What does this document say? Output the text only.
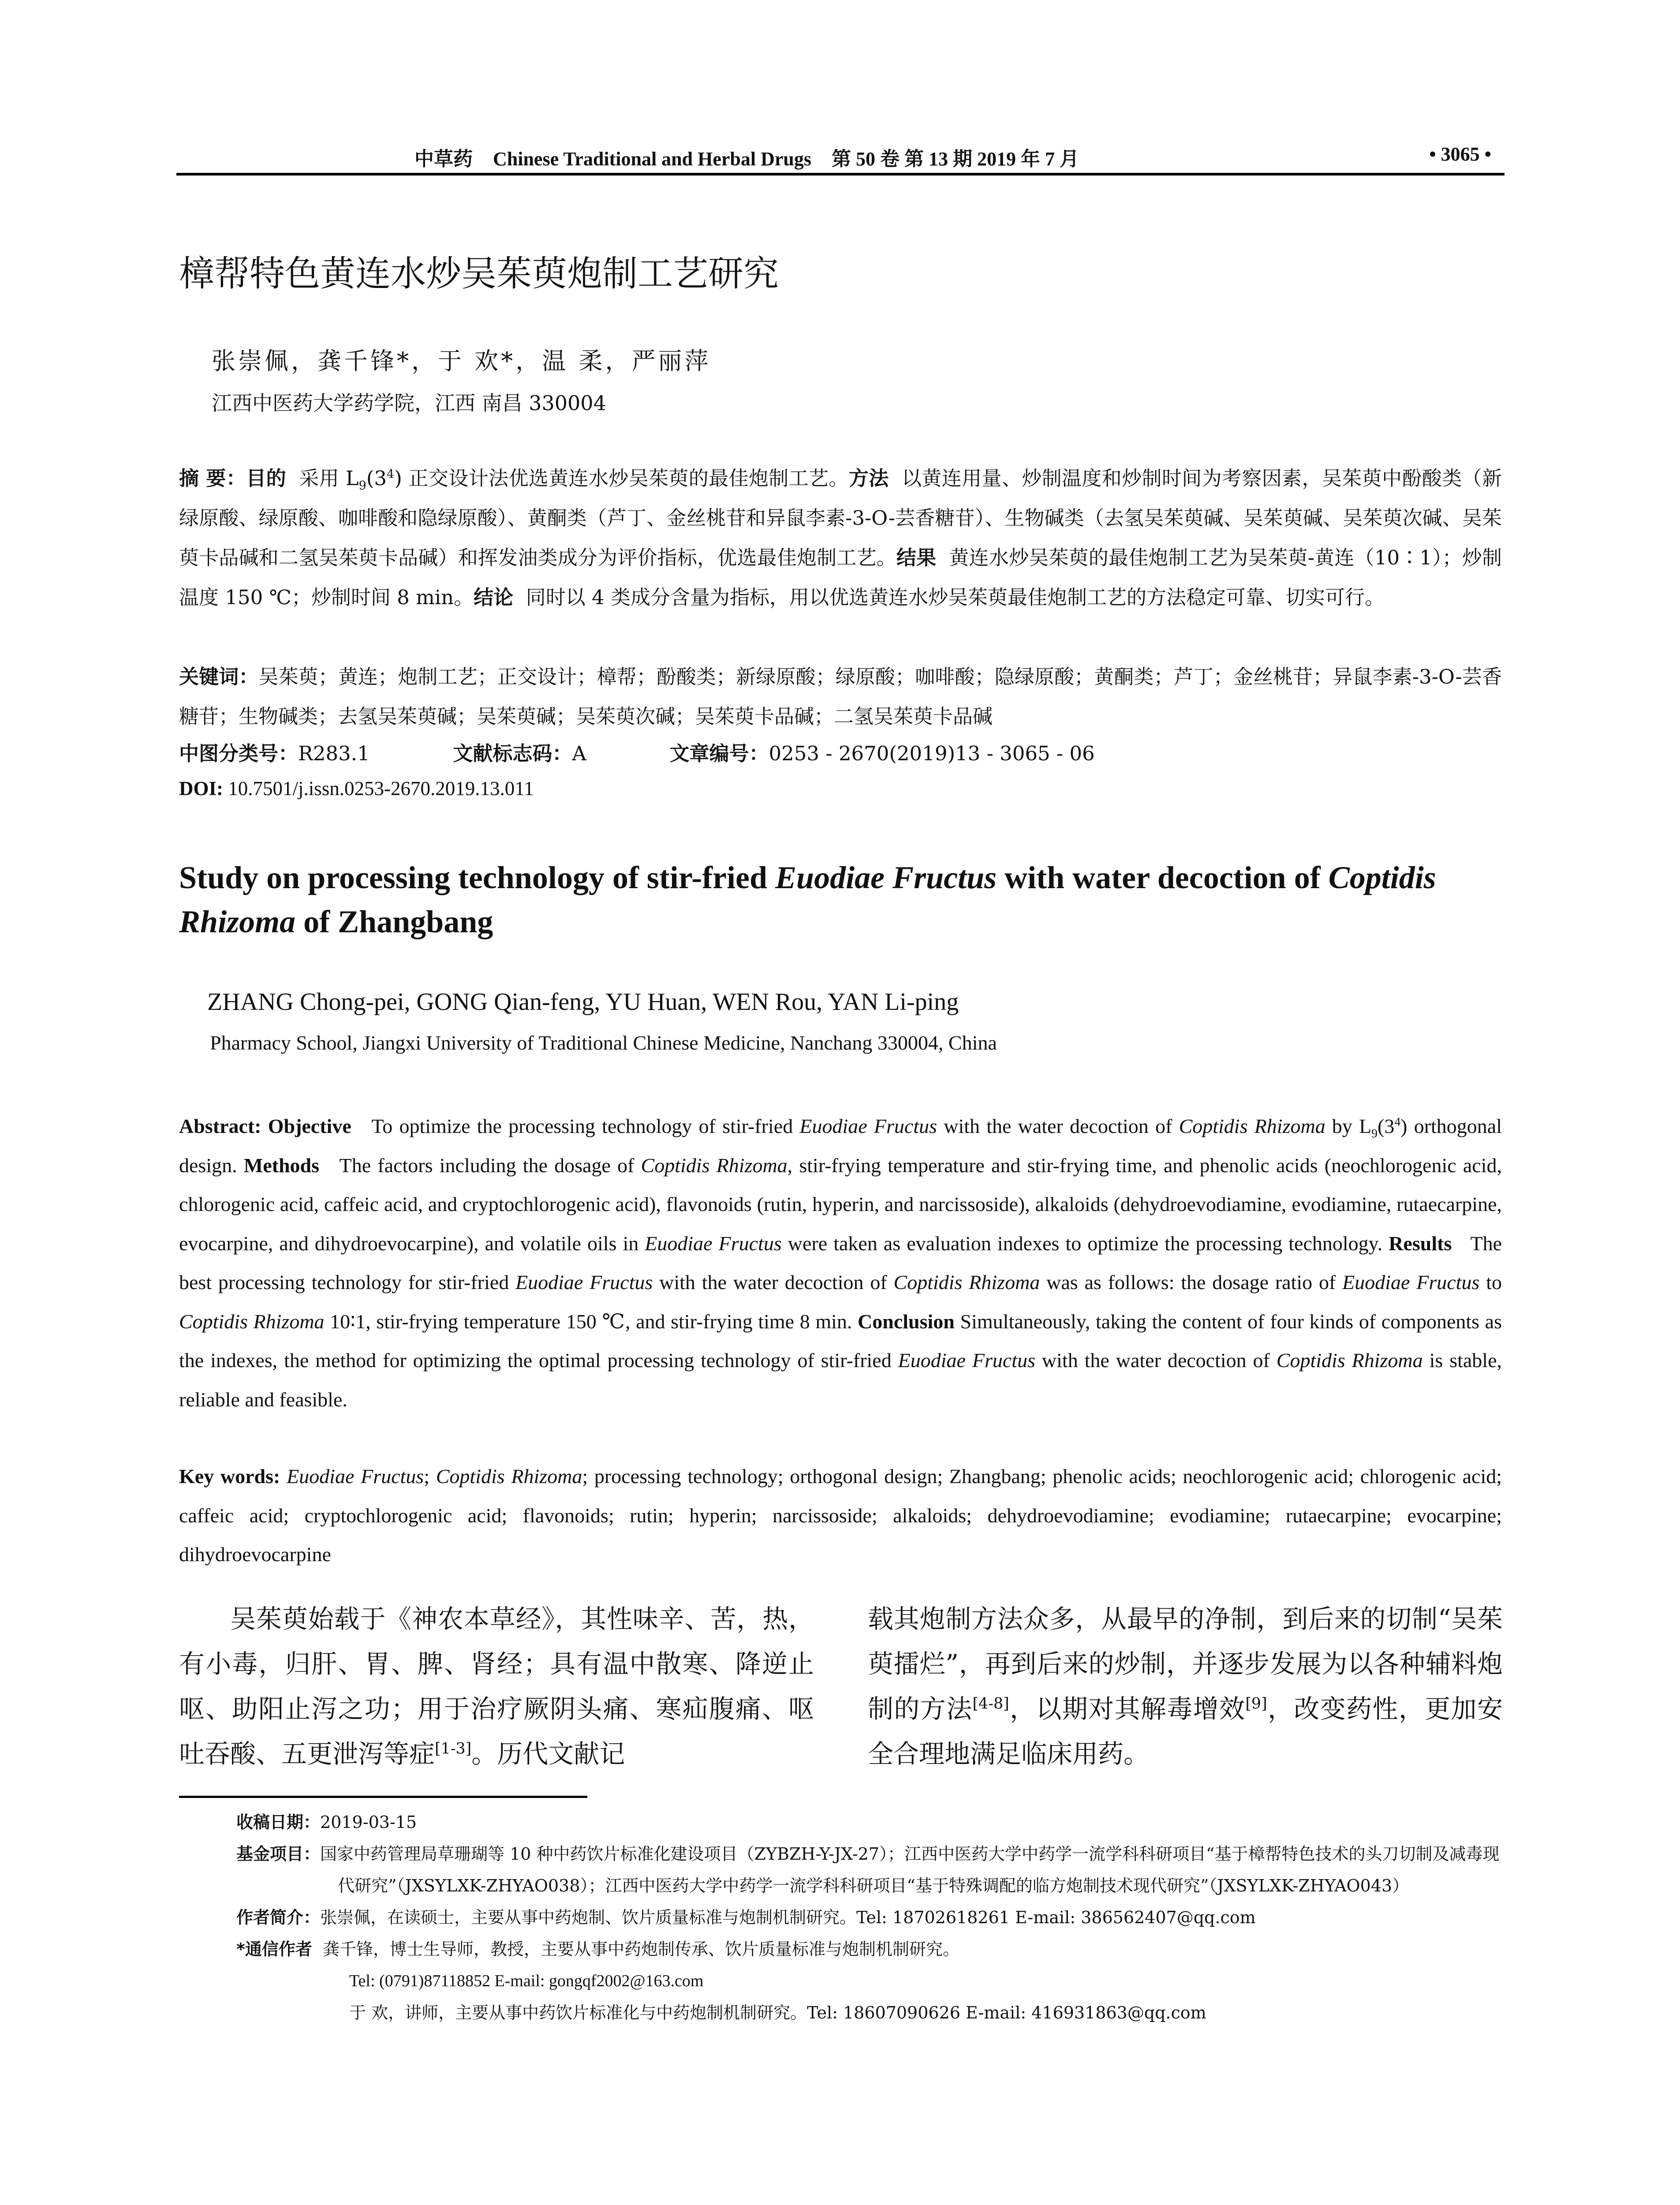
中草药 Chinese Traditional and Herbal Drugs 第 50 卷 第 13 期 2019 年 7 月	• 3065 •
樟帮特色黄连水炒吴茱萸炮制工艺研究
张崇佩，龚千锋*，于 欢*，温 柔，严丽萍
江西中医药大学药学院，江西 南昌 330004
摘 要：目的 采用 $L_9(3^4)$ 正交设计法优选黄连水炒吴茱萸的最佳炮制工艺。方法 以黄连用量、炒制温度和炒制时间为考察因素，吴茱萸中酚酸类（新绿原酸、绿原酸、咖啡酸和隐绿原酸）、黄酮类（芦丁、金丝桃苷和异鼠李素-3-O-芸香糖苷）、生物碱类（去氢吴茱萸碱、吴茱萸碱、吴茱萸次碱、吴茱萸卡品碱和二氢吴茱萸卡品碱）和挥发油类成分为评价指标，优选最佳炮制工艺。结果 黄连水炒吴茱萸的最佳炮制工艺为吴茱萸-黄连（10∶1）；炒制温度 150 ℃；炒制时间 8 min。结论 同时以 4 类成分含量为指标，用以优选黄连水炒吴茱萸最佳炮制工艺的方法稳定可靠、切实可行。
关键词：吴茱萸；黄连；炮制工艺；正交设计；樟帮；酚酸类；新绿原酸；绿原酸；咖啡酸；隐绿原酸；黄酮类；芦丁；金丝桃苷；异鼠李素-3-O-芸香糖苷；生物碱类；去氢吴茱萸碱；吴茱萸碱；吴茱萸次碱；吴茱萸卡品碱；二氢吴茱萸卡品碱
中图分类号：R283.1	文献标志码：A	文章编号：0253 - 2670(2019)13 - 3065 - 06
DOI: 10.7501/j.issn.0253-2670.2019.13.011
Study on processing technology of stir-fried Euodiae Fructus with water decoction of Coptidis Rhizoma of Zhangbang
ZHANG Chong-pei, GONG Qian-feng, YU Huan, WEN Rou, YAN Li-ping
Pharmacy School, Jiangxi University of Traditional Chinese Medicine, Nanchang 330004, China
Abstract: Objective To optimize the processing technology of stir-fried Euodiae Fructus with the water decoction of Coptidis Rhizoma by $L_9(3^4)$ orthogonal design. Methods The factors including the dosage of Coptidis Rhizoma, stir-frying temperature and stir-frying time, and phenolic acids (neochlorogenic acid, chlorogenic acid, caffeic acid, and cryptochlorogenic acid), flavonoids (rutin, hyperin, and narcissoside), alkaloids (dehydroevodiamine, evodiamine, rutaecarpine, evocarpine, and dihydroevocarpine), and volatile oils in Euodiae Fructus were taken as evaluation indexes to optimize the processing technology. Results The best processing technology for stir-fried Euodiae Fructus with the water decoction of Coptidis Rhizoma was as follows: the dosage ratio of Euodiae Fructus to Coptidis Rhizoma 10∶1, stir-frying temperature 150 ℃, and stir-frying time 8 min. Conclusion Simultaneously, taking the content of four kinds of components as the indexes, the method for optimizing the optimal processing technology of stir-fried Euodiae Fructus with the water decoction of Coptidis Rhizoma is stable, reliable and feasible.
Key words: Euodiae Fructus; Coptidis Rhizoma; processing technology; orthogonal design; Zhangbang; phenolic acids; neochlorogenic acid; chlorogenic acid; caffeic acid; cryptochlorogenic acid; flavonoids; rutin; hyperin; narcissoside; alkaloids; dehydroevodiamine; evodiamine; rutaecarpine; evocarpine; dihydroevocarpine
吴茱萸始载于《神农本草经》，其性味辛、苦，热，有小毒，归肝、胃、脾、肾经；具有温中散寒、降逆止呕、助阳止泻之功；用于治疗厥阴头痛、寒疝腹痛、呕吐吞酸、五更泄泻等症[1-3]。历代文献记
载其炮制方法众多，从最早的净制，到后来的切制“吴茱萸擂烂”，再到后来的炒制，并逐步发展为以各种辅料炮制的方法[4-8]，以期对其解毒增效[9]，改变药性，更加安全合理地满足临床用药。
收稿日期：2019-03-15
基金项目：国家中药管理局草珊瑚等 10 种中药饮片标准化建设项目（ZYBZH-Y-JX-27）；江西中医药大学中药学一流学科科研项目“基于樟帮特色技术的头刀切制及减毒现代研究”（JXSYLXK-ZHYAO038）；江西中医药大学中药学一流学科科研项目“基于特殊调配的临方炮制技术现代研究”（JXSYLXK-ZHYAO043）
作者简介：张崇佩，在读硕士，主要从事中药炮制、饮片质量标准与炮制机制研究。Tel: 18702618261 E-mail: 386562407@qq.com
*通信作者 龚千锋，博士生导师，教授，主要从事中药炮制传承、饮片质量标准与炮制机制研究。
Tel: (0791)87118852 E-mail: gongqf2002@163.com
于 欢，讲师，主要从事中药饮片标准化与中药炮制机制研究。Tel: 18607090626 E-mail: 416931863@qq.com
